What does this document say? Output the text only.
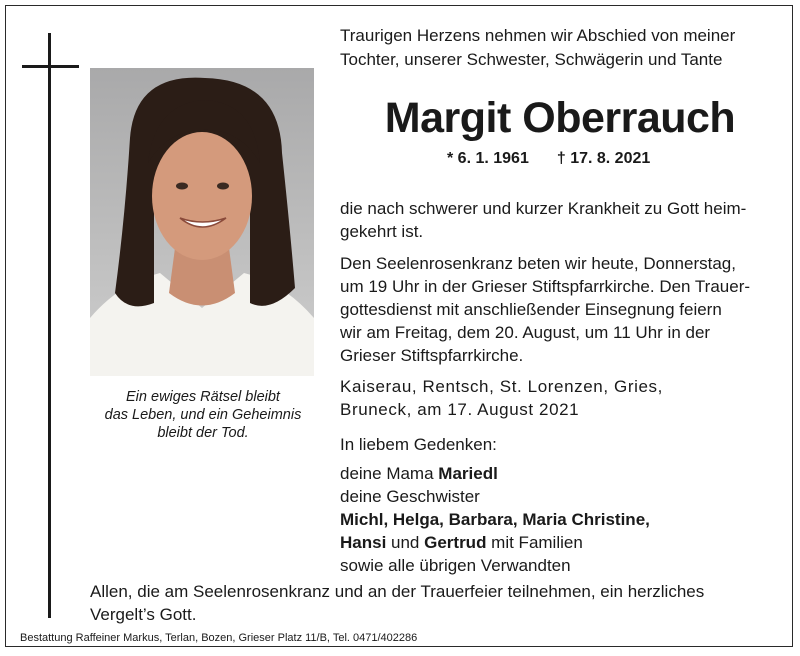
Ein ewiges Rätsel bleibt
das Leben, und ein Geheimnis
bleibt der Tod.
Traurigen Herzens nehmen wir Abschied von meiner
Tochter, unserer Schwester, Schwägerin und Tante
Margit Oberrauch
* 6. 1. 1961 † 17. 8. 2021
die nach schwerer und kurzer Krankheit zu Gott heim-
gekehrt ist.
Den Seelenrosenkranz beten wir heute, Donnerstag,
um 19 Uhr in der Grieser Stiftspfarrkirche. Den Trauer-
gottesdienst mit anschließender Einsegnung feiern
wir am Freitag, dem 20. August, um 11 Uhr in der
Grieser Stiftspfarrkirche.
Kaiserau, Rentsch, St. Lorenzen, Gries,
Bruneck, am 17. August 2021
In liebem Gedenken:
deine Mama Mariedl
deine Geschwister
Michl, Helga, Barbara, Maria Christine,
Hansi und Gertrud mit Familien
sowie alle übrigen Verwandten
Allen, die am Seelenrosenkranz und an der Trauerfeier teilnehmen, ein herzliches
Vergelt’s Gott.
Bestattung Raffeiner Markus, Terlan, Bozen, Grieser Platz 11/B, Tel. 0471/402286
